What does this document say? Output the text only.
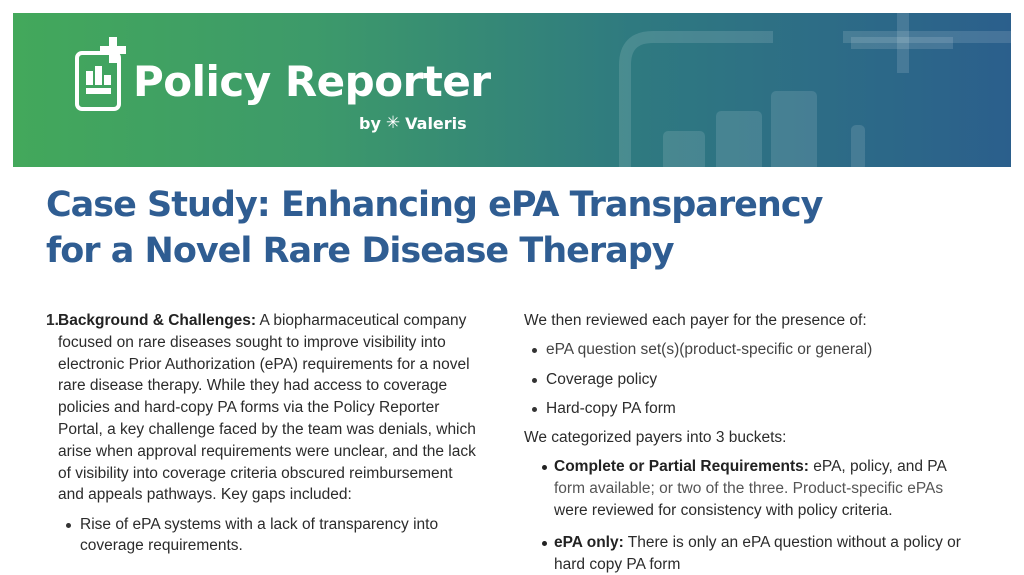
Policy Reporter
by ✳ Valeris
Case Study: Enhancing ePA Transparency
for a Novel Rare Disease Therapy
1. Background & Challenges: A biopharmaceutical company
focused on rare diseases sought to improve visibility into
electronic Prior Authorization (ePA) requirements for a novel
rare disease therapy. While they had access to coverage
policies and hard-copy PA forms via the Policy Reporter
Portal, a key challenge faced by the team was denials, which
arise when approval requirements were unclear, and the lack
of visibility into coverage criteria obscured reimbursement
and appeals pathways. Key gaps included:
Rise of ePA systems with a lack of transparency into
coverage requirements.
We then reviewed each payer for the presence of:
ePA question set(s)(product-specific or general)
Coverage policy
Hard-copy PA form
We categorized payers into 3 buckets:
Complete or Partial Requirements: ePA, policy, and PA
form available; or two of the three. Product-specific ePAs
were reviewed for consistency with policy criteria.
ePA only: There is only an ePA question without a policy or
hard copy PA form
